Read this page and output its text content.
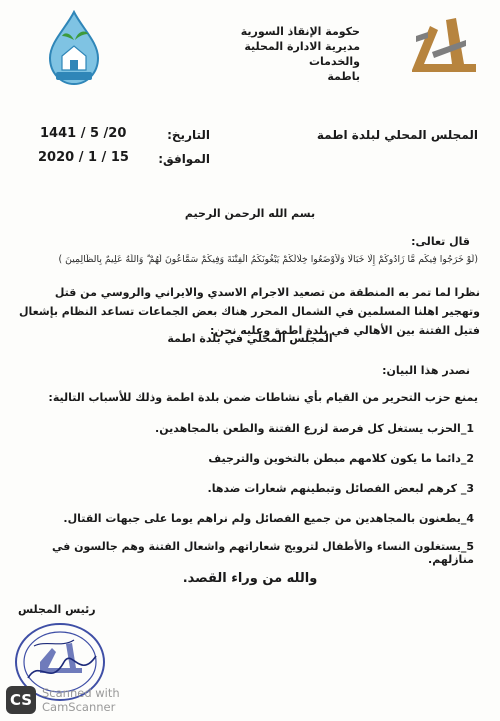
حكومة الإنقاذ السورية
مديرية الادارة المحلية والخدمات
باطمة
المجلس المحلي لبلدة اطمة
التاريخ:
1441 / 5 /20
الموافق:
2020 / 1 / 15
بسم الله الرحمن الرحيم
قال تعالى:
(لَوْ خَرَجُوا فِيكُم مَّا زَادُوكُمْ إِلَّا خَبَالًا وَلَأَوْضَعُوا خِلَالَكُمْ يَبْغُونَكُمُ الْفِتْنَةَ وَفِيكُمْ سَمَّاعُونَ لَهُمْ ۗ وَاللَّهُ عَلِيمٌ بِالظَّالِمِينَ )
نظرا لما تمر به المنطقة من تصعيد الاجرام الاسدي والايراني والروسي من قتل وتهجير اهلنا المسلمين في الشمال المحرر هناك بعض الجماعات تساعد النظام بإشعال فتيل الفتنة بين الأهالي في بلدة اطمة وعليه نحن:
المجلس المحلي في بلدة اطمة
نصدر هذا البيان:
يمنع حزب التحرير من القيام بأي نشاطات ضمن بلدة اطمة وذلك للأسباب التالية:
1_الحزب يستغل كل فرصة لزرع الفتنة والطعن بالمجاهدين.
2_دائما ما يكون كلامهم مبطن بالتخوين والترجيف
3_ كرهم لبعض الفصائل وتبطينهم شعارات ضدها.
4_يطعنون بالمجاهدين من جميع الفصائل ولم نراهم يوما على جبهات القتال.
5_يستغلون النساء والأطفال لترويج شعاراتهم واشعال الفتنة وهم جالسون في منازلهم.
والله من وراء القصد.
رئيس المجلس
CS Scanned with
CamScanner
